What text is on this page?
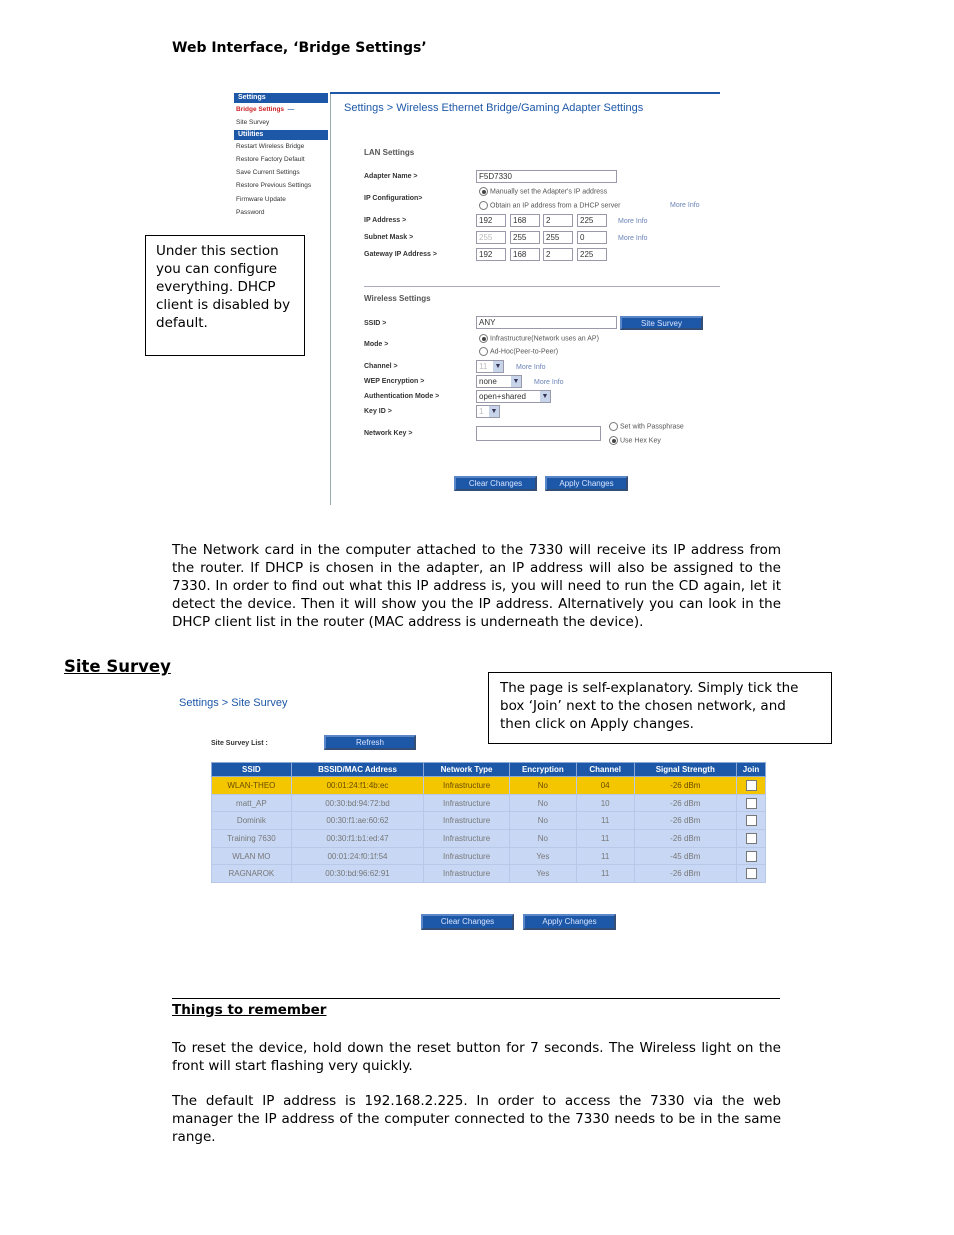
Web Interface, ‘Bridge Settings’
Settings
Bridge Settings —
Site Survey
Utilities
Restart Wireless Bridge
Restore Factory Default
Save Current Settings
Restore Previous Settings
Firmware Update
Password
Settings > Wireless Ethernet Bridge/Gaming Adapter Settings
LAN Settings
Adapter Name >	F5D7330
IP Configuration>
Manually set the Adapter's IP address
Obtain an IP address from a DHCP server	More Info
IP Address >	192	168	2	225	More Info
Subnet Mask >	255	255	255	0	More Info
Gateway IP Address >	192	168	2	225
Wireless Settings
SSID >	ANY	Site Survey
Mode >
Infrastructure(Network uses an AP)
Ad-Hoc(Peer-to-Peer)
Channel >	11 ▼ More Info
WEP Encryption >	none ▼ More Info
Authentication Mode >	open+shared ▼
Key ID >	1 ▼
Network Key >
Set with Passphrase
Use Hex Key
Clear Changes	Apply Changes
Under this section you can configure everything. DHCP client is disabled by default.
The Network card in the computer attached to the 7330 will receive its IP address from the router. If DHCP is chosen in the adapter, an IP address will also be assigned to the 7330. In order to find out what this IP address is, you will need to run the CD again, let it detect the device. Then it will show you the IP address. Alternatively you can look in the DHCP client list in the router (MAC address is underneath the device).
Site Survey
Settings > Site Survey
Site Survey List :	Refresh
SSID	BSSID/MAC Address	Network Type	Encryption	Channel	Signal Strength	Join
WLAN-THEO	00:01:24:f1:4b:ec	Infrastructure	No	04	-26 dBm	
matt_AP	00:30:bd:94:72:bd	Infrastructure	No	10	-26 dBm	
Dominik	00:30:f1:ae:60:62	Infrastructure	No	11	-26 dBm	
Training 7630	00:30:f1:b1:ed:47	Infrastructure	No	11	-26 dBm	
WLAN MO	00:01:24:f0:1f:54	Infrastructure	Yes	11	-45 dBm	
RAGNAROK	00:30:bd:96:62:91	Infrastructure	Yes	11	-26 dBm	
Clear Changes	Apply Changes
The page is self-explanatory. Simply tick the box ‘Join’ next to the chosen network, and then click on Apply changes.
Things to remember
To reset the device, hold down the reset button for 7 seconds. The Wireless light on the front will start flashing very quickly.
The default IP address is 192.168.2.225. In order to access the 7330 via the web manager the IP address of the computer connected to the 7330 needs to be in the same range.
